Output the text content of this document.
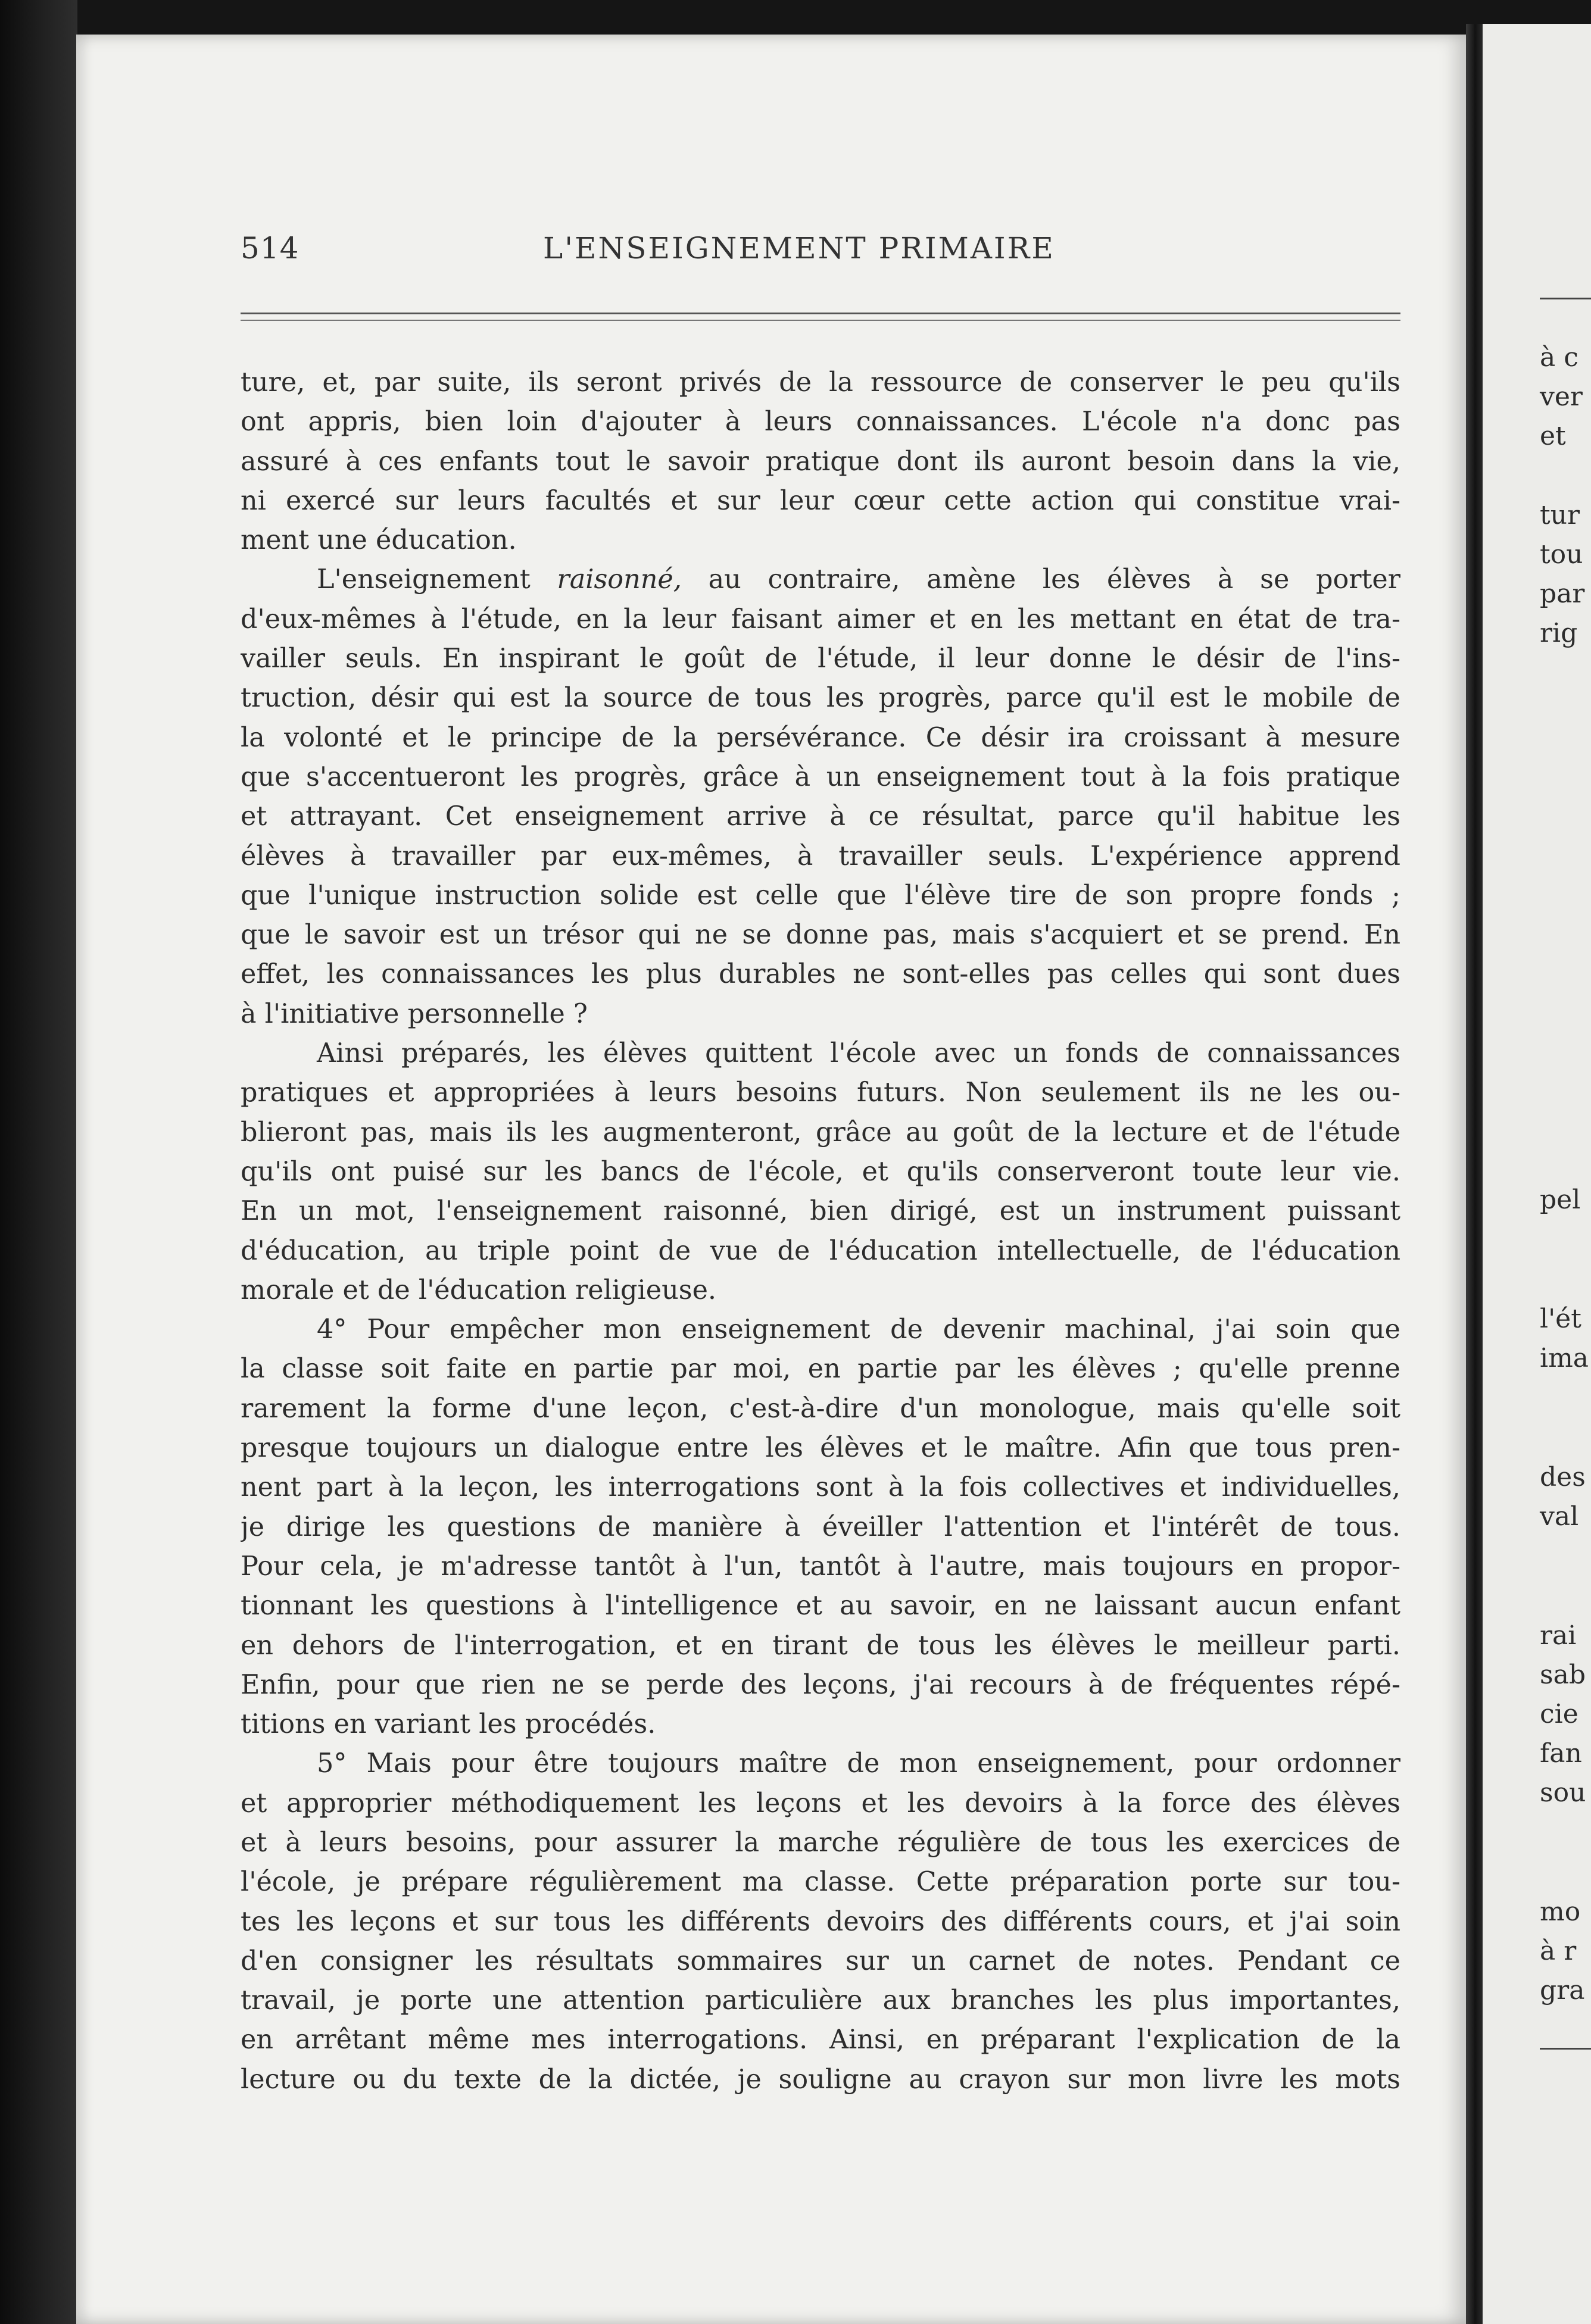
à c
ver
et
tur
tou
par
rig
pel
l'ét
ima
des
val
rai
sab
cie
fan
sou
mo
à r
gra
514	L'ENSEIGNEMENT PRIMAIRE
ture, et, par suite, ils seront privés de la ressource de conserver le peu qu'ils
ont appris, bien loin d'ajouter à leurs connaissances. L'école n'a donc pas
assuré à ces enfants tout le savoir pratique dont ils auront besoin dans la vie,
ni exercé sur leurs facultés et sur leur cœur cette action qui constitue vrai-
ment une éducation.
L'enseignement raisonné, au contraire, amène les élèves à se porter
d'eux-mêmes à l'étude, en la leur faisant aimer et en les mettant en état de tra-
vailler seuls. En inspirant le goût de l'étude, il leur donne le désir de l'ins-
truction, désir qui est la source de tous les progrès, parce qu'il est le mobile de
la volonté et le principe de la persévérance. Ce désir ira croissant à mesure
que s'accentueront les progrès, grâce à un enseignement tout à la fois pratique
et attrayant. Cet enseignement arrive à ce résultat, parce qu'il habitue les
élèves à travailler par eux-mêmes, à travailler seuls. L'expérience apprend
que l'unique instruction solide est celle que l'élève tire de son propre fonds ;
que le savoir est un trésor qui ne se donne pas, mais s'acquiert et se prend. En
effet, les connaissances les plus durables ne sont-elles pas celles qui sont dues
à l'initiative personnelle ?
Ainsi préparés, les élèves quittent l'école avec un fonds de connaissances
pratiques et appropriées à leurs besoins futurs. Non seulement ils ne les ou-
blieront pas, mais ils les augmenteront, grâce au goût de la lecture et de l'étude
qu'ils ont puisé sur les bancs de l'école, et qu'ils conserveront toute leur vie.
En un mot, l'enseignement raisonné, bien dirigé, est un instrument puissant
d'éducation, au triple point de vue de l'éducation intellectuelle, de l'éducation
morale et de l'éducation religieuse.
4° Pour empêcher mon enseignement de devenir machinal, j'ai soin que
la classe soit faite en partie par moi, en partie par les élèves ; qu'elle prenne
rarement la forme d'une leçon, c'est-à-dire d'un monologue, mais qu'elle soit
presque toujours un dialogue entre les élèves et le maître. Afin que tous pren-
nent part à la leçon, les interrogations sont à la fois collectives et individuelles,
je dirige les questions de manière à éveiller l'attention et l'intérêt de tous.
Pour cela, je m'adresse tantôt à l'un, tantôt à l'autre, mais toujours en propor-
tionnant les questions à l'intelligence et au savoir, en ne laissant aucun enfant
en dehors de l'interrogation, et en tirant de tous les élèves le meilleur parti.
Enfin, pour que rien ne se perde des leçons, j'ai recours à de fréquentes répé-
titions en variant les procédés.
5° Mais pour être toujours maître de mon enseignement, pour ordonner
et approprier méthodiquement les leçons et les devoirs à la force des élèves
et à leurs besoins, pour assurer la marche régulière de tous les exercices de
l'école, je prépare régulièrement ma classe. Cette préparation porte sur tou-
tes les leçons et sur tous les différents devoirs des différents cours, et j'ai soin
d'en consigner les résultats sommaires sur un carnet de notes. Pendant ce
travail, je porte une attention particulière aux branches les plus importantes,
en arrêtant même mes interrogations. Ainsi, en préparant l'explication de la
lecture ou du texte de la dictée, je souligne au crayon sur mon livre les mots
